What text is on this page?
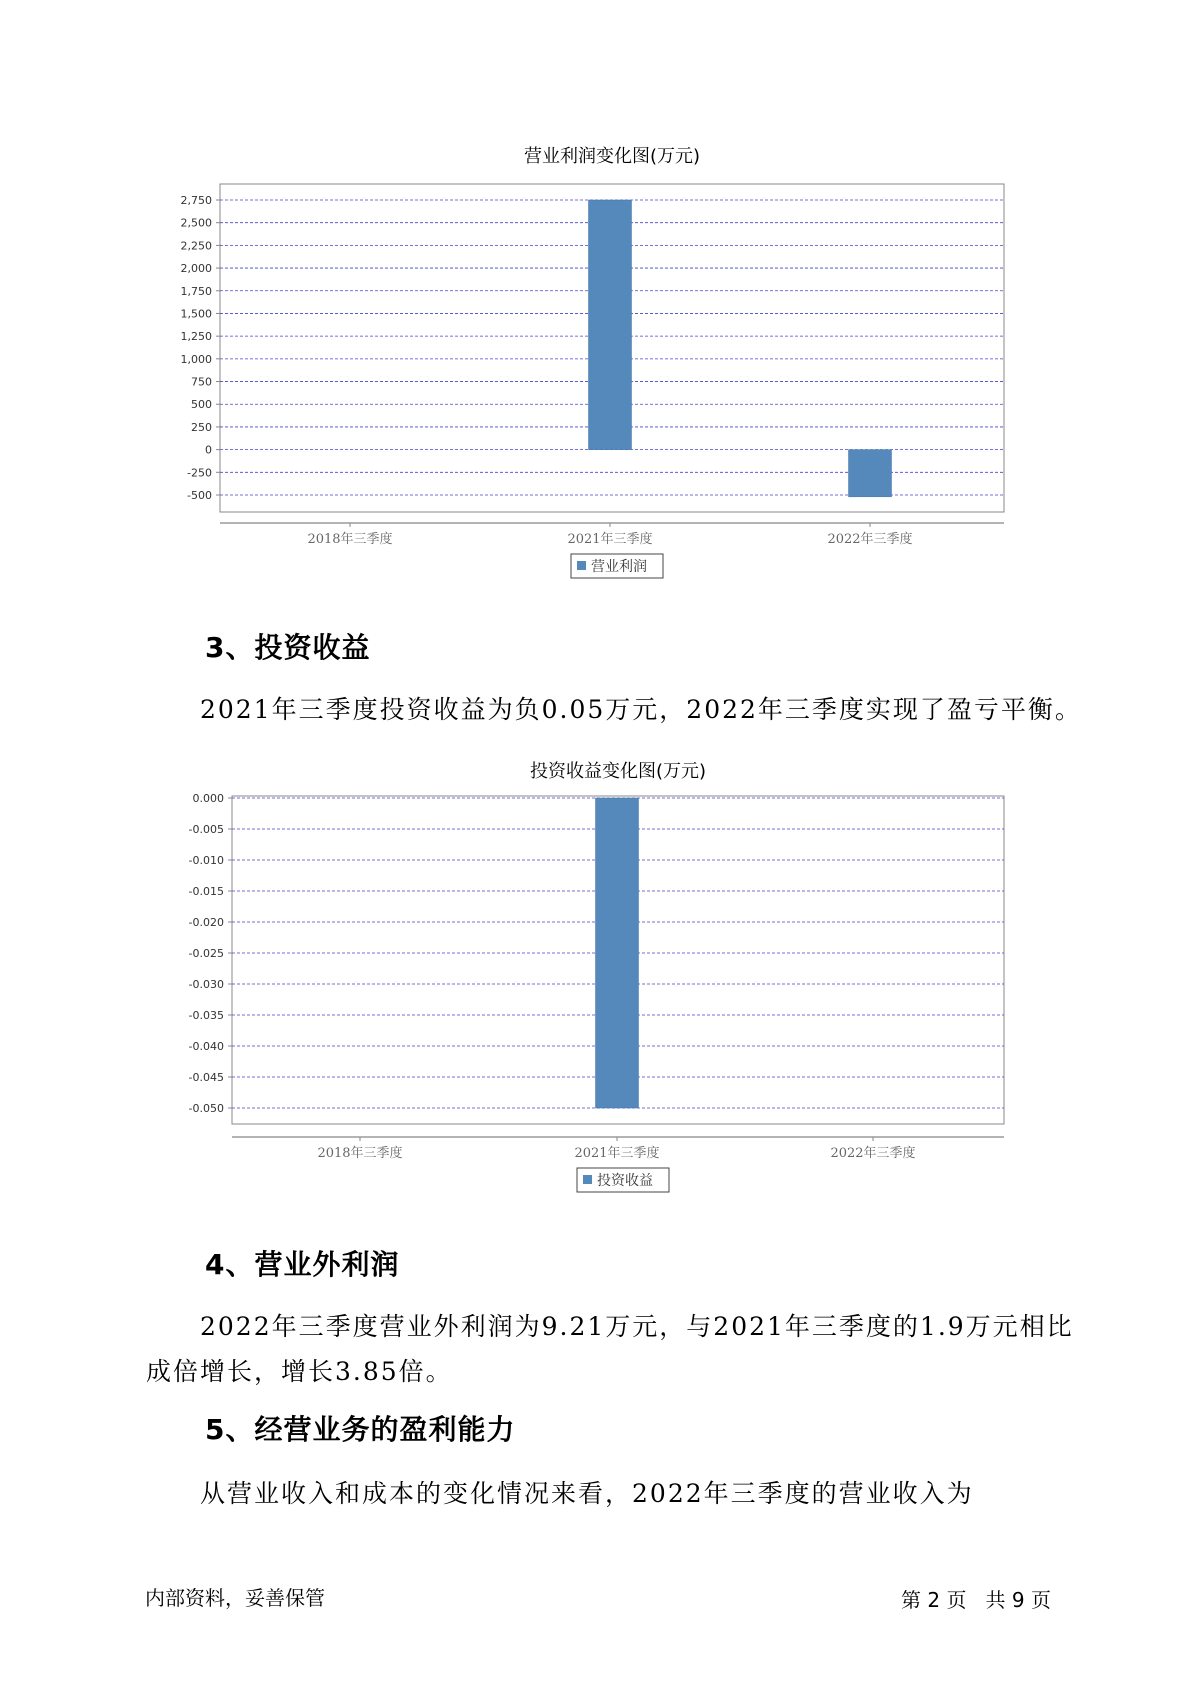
营业利润变化图(万元)
2,750
2,500
2,250
2,000
1,750
1,500
1,250
1,000
750
500
250
0
-250
-500
2018年三季度	2021年三季度	2022年三季度
营业利润
3、投资收益

2021年三季度投资收益为负0.05万元，2022年三季度实现了盈亏平衡。

投资收益变化图(万元)
0.000
-0.005
-0.010
-0.015
-0.020
-0.025
-0.030
-0.035
-0.040
-0.045
-0.050
2018年三季度	2021年三季度	2022年三季度
投资收益
4、营业外利润

2022年三季度营业外利润为9.21万元，与2021年三季度的1.9万元相比

成倍增长，增长3.85倍。

5、经营业务的盈利能力

从营业收入和成本的变化情况来看，2022年三季度的营业收入为

内部资料，妥善保管	第 2 页   共 9 页
